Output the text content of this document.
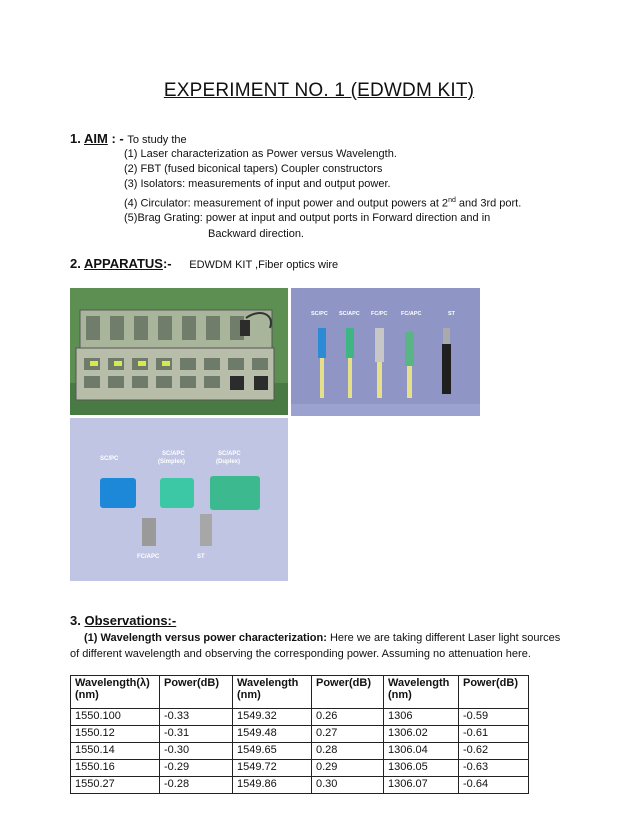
EXPERIMENT NO. 1 (EDWDM KIT)
1. AIM : - To study the
(1) Laser characterization as Power versus Wavelength.
(2) FBT (fused biconical tapers) Coupler constructors
(3) Isolators: measurements of input and output power.
(4) Circulator: measurement of input power and output powers at 2nd and 3rd port.
(5)Brag Grating: power at input and output ports in Forward direction and in
Backward direction.
2. APPARATUS:- EDWDM KIT ,Fiber optics wire
SC/PC SC/APC FC/PC FC/APC	ST
SC/PC
SC/APC
(Simplex)
SC/APC
(Duplex)
FC/APC	ST
3. Observations:-
(1) Wavelength versus power characterization: Here we are taking different Laser light sources of different wavelength and observing the corresponding power. Assuming no attenuation here.
Wavelength(λ) (nm)	Power(dB)	Wavelength (nm)	Power(dB)	Wavelength (nm)	Power(dB)
1550.100	-0.33	1549.32	0.26	1306	-0.59
1550.12	-0.31	1549.48	0.27	1306.02	-0.61
1550.14	-0.30	1549.65	0.28	1306.04	-0.62
1550.16	-0.29	1549.72	0.29	1306.05	-0.63
1550.27	-0.28	1549.86	0.30	1306.07	-0.64
